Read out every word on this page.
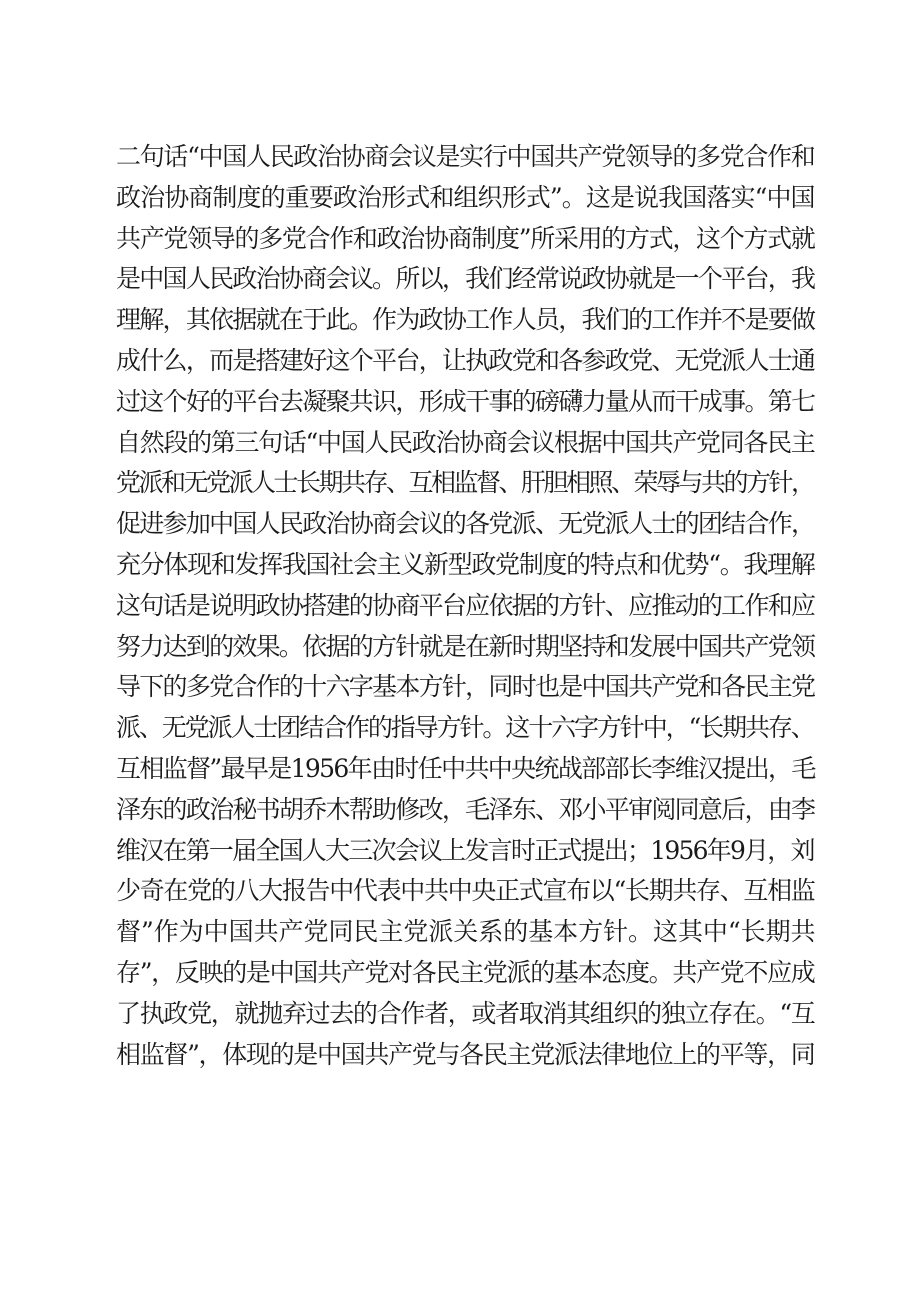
二句话“中国人民政治协商会议是实行中国共产党领导的多党合作和
政治协商制度的重要政治形式和组织形式”。这是说我国落实“中国
共产党领导的多党合作和政治协商制度”所采用的方式，这个方式就
是中国人民政治协商会议。所以，我们经常说政协就是一个平台，我
理解，其依据就在于此。作为政协工作人员，我们的工作并不是要做
成什么，而是搭建好这个平台，让执政党和各参政党、无党派人士通
过这个好的平台去凝聚共识，形成干事的磅礴力量从而干成事。第七
自然段的第三句话“中国人民政治协商会议根据中国共产党同各民主
党派和无党派人士长期共存、互相监督、肝胆相照、荣辱与共的方针，
促进参加中国人民政治协商会议的各党派、无党派人士的团结合作，
充分体现和发挥我国社会主义新型政党制度的特点和优势“。我理解
这句话是说明政协搭建的协商平台应依据的方针、应推动的工作和应
努力达到的效果。依据的方针就是在新时期坚持和发展中国共产党领
导下的多党合作的十六字基本方针，同时也是中国共产党和各民主党
派、无党派人士团结合作的指导方针。这十六字方针中，“长期共存、
互相监督”最早是1956年由时任中共中央统战部部长李维汉提出，毛
泽东的政治秘书胡乔木帮助修改，毛泽东、邓小平审阅同意后，由李
维汉在第一届全国人大三次会议上发言时正式提出；1956年9月，刘
少奇在党的八大报告中代表中共中央正式宣布以“长期共存、互相监
督”作为中国共产党同民主党派关系的基本方针。这其中“长期共
存”，反映的是中国共产党对各民主党派的基本态度。共产党不应成
了执政党，就抛弃过去的合作者，或者取消其组织的独立存在。“互
相监督”，体现的是中国共产党与各民主党派法律地位上的平等，同
